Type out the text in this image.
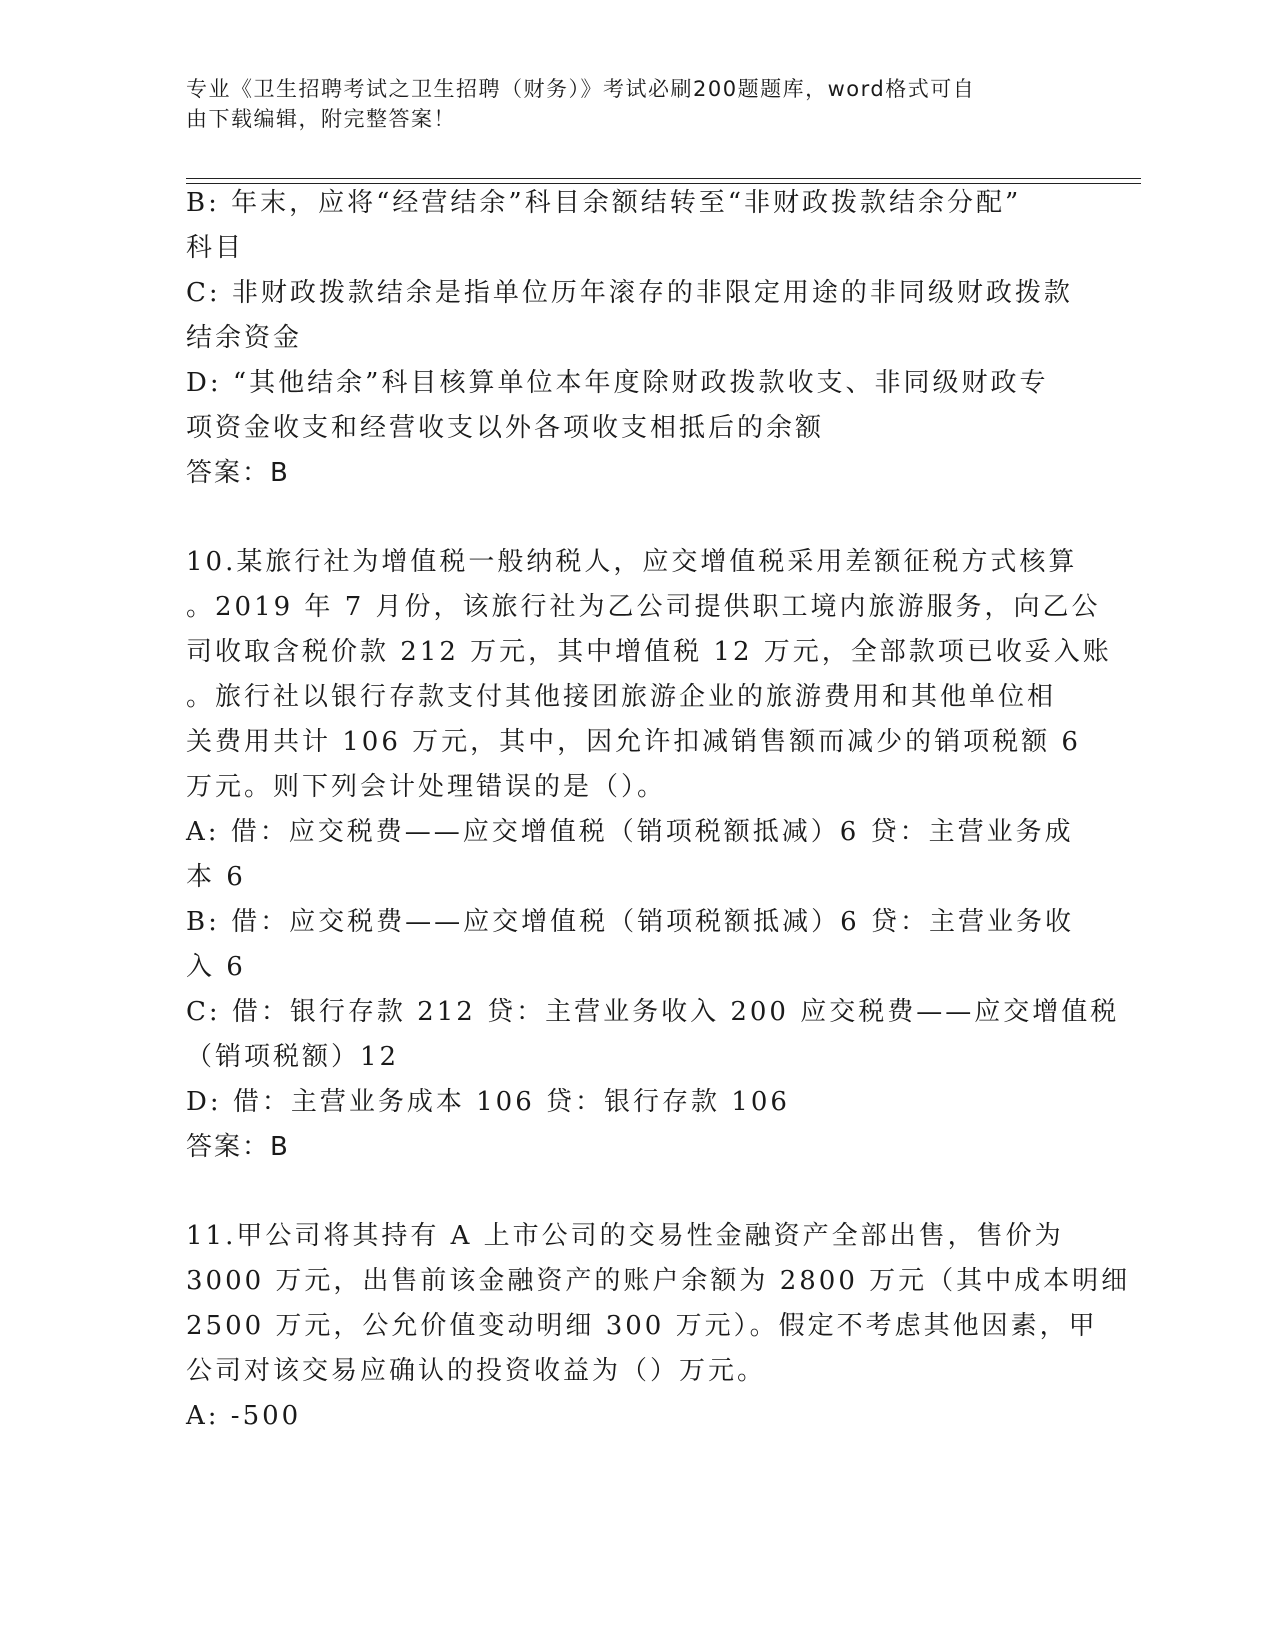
专业《卫生招聘考试之卫生招聘（财务）》考试必刷200题题库，word格式可自
由下载编辑，附完整答案！
B: 年末，应将“经营结余”科目余额结转至“非财政拨款结余分配”
科目
C: 非财政拨款结余是指单位历年滚存的非限定用途的非同级财政拨款
结余资金
D: “其他结余”科目核算单位本年度除财政拨款收支、非同级财政专
项资金收支和经营收支以外各项收支相抵后的余额
答案：B
10.某旅行社为增值税一般纳税人，应交增值税采用差额征税方式核算
。2019 年 7 月份，该旅行社为乙公司提供职工境内旅游服务，向乙公
司收取含税价款 212 万元，其中增值税 12 万元，全部款项已收妥入账
。旅行社以银行存款支付其他接团旅游企业的旅游费用和其他单位相
关费用共计 106 万元，其中，因允许扣减销售额而减少的销项税额 6
万元。则下列会计处理错误的是（）。
A: 借：应交税费——应交增值税（销项税额抵减）6 贷：主营业务成
本 6
B: 借：应交税费——应交增值税（销项税额抵减）6 贷：主营业务收
入 6
C: 借：银行存款 212 贷：主营业务收入 200 应交税费——应交增值税
（销项税额）12
D: 借：主营业务成本 106 贷：银行存款 106
答案：B
11.甲公司将其持有 A 上市公司的交易性金融资产全部出售，售价为
3000 万元，出售前该金融资产的账户余额为 2800 万元（其中成本明细
2500 万元，公允价值变动明细 300 万元）。假定不考虑其他因素，甲
公司对该交易应确认的投资收益为（）万元。
A: -500
